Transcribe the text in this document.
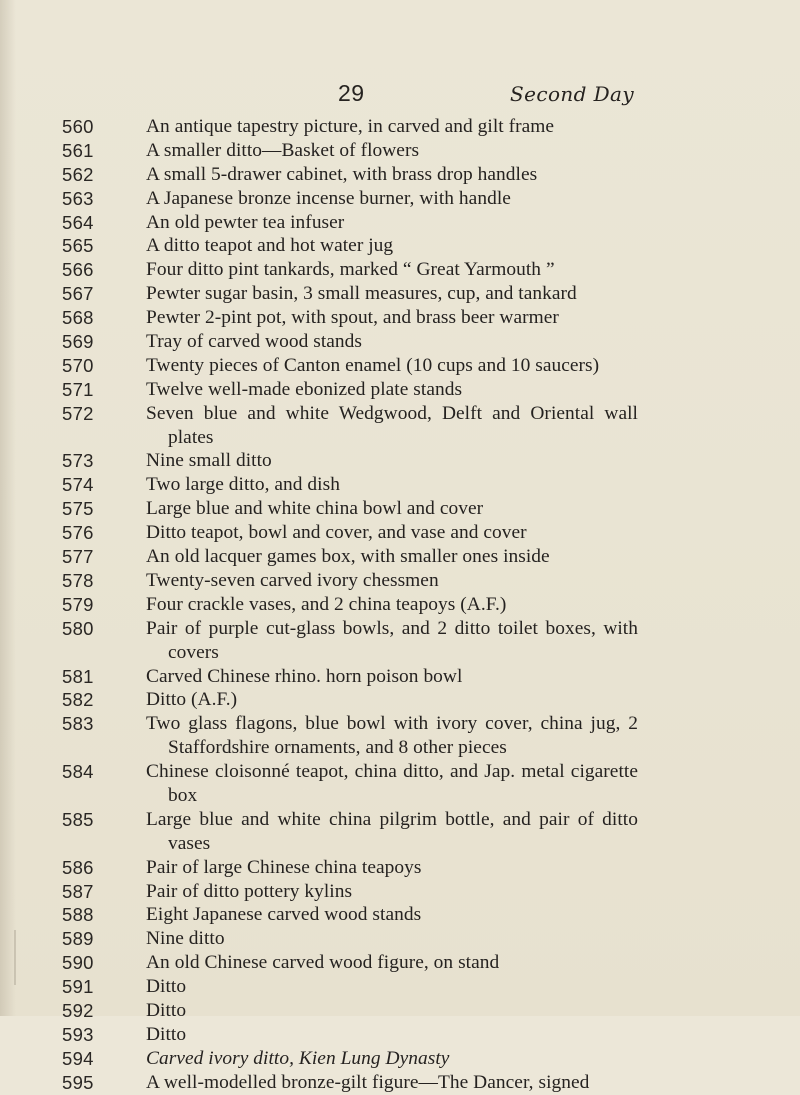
29	Second Day
560	An antique tapestry picture, in carved and gilt frame
561	A smaller ditto—Basket of flowers
562	A small 5-drawer cabinet, with brass drop handles
563	A Japanese bronze incense burner, with handle
564	An old pewter tea infuser
565	A ditto teapot and hot water jug
566	Four ditto pint tankards, marked “ Great Yarmouth ”
567	Pewter sugar basin, 3 small measures, cup, and tankard
568	Pewter 2-pint pot, with spout, and brass beer warmer
569	Tray of carved wood stands
570	Twenty pieces of Canton enamel (10 cups and 10 saucers)
571	Twelve well-made ebonized plate stands
572	Seven blue and white Wedgwood, Delft and Oriental wall plates
573	Nine small ditto
574	Two large ditto, and dish
575	Large blue and white china bowl and cover
576	Ditto teapot, bowl and cover, and vase and cover
577	An old lacquer games box, with smaller ones inside
578	Twenty-seven carved ivory chessmen
579	Four crackle vases, and 2 china teapoys (A.F.)
580	Pair of purple cut-glass bowls, and 2 ditto toilet boxes, with covers
581	Carved Chinese rhino. horn poison bowl
582	Ditto (A.F.)
583	Two glass flagons, blue bowl with ivory cover, china jug, 2 Staffordshire ornaments, and 8 other pieces
584	Chinese cloisonné teapot, china ditto, and Jap. metal cigarette box
585	Large blue and white china pilgrim bottle, and pair of ditto vases
586	Pair of large Chinese china teapoys
587	Pair of ditto pottery kylins
588	Eight Japanese carved wood stands
589	Nine ditto
590	An old Chinese carved wood figure, on stand
591	Ditto
592	Ditto
593	Ditto
594	Carved ivory ditto, Kien Lung Dynasty
595	A well-modelled bronze-gilt figure—The Dancer, signed
